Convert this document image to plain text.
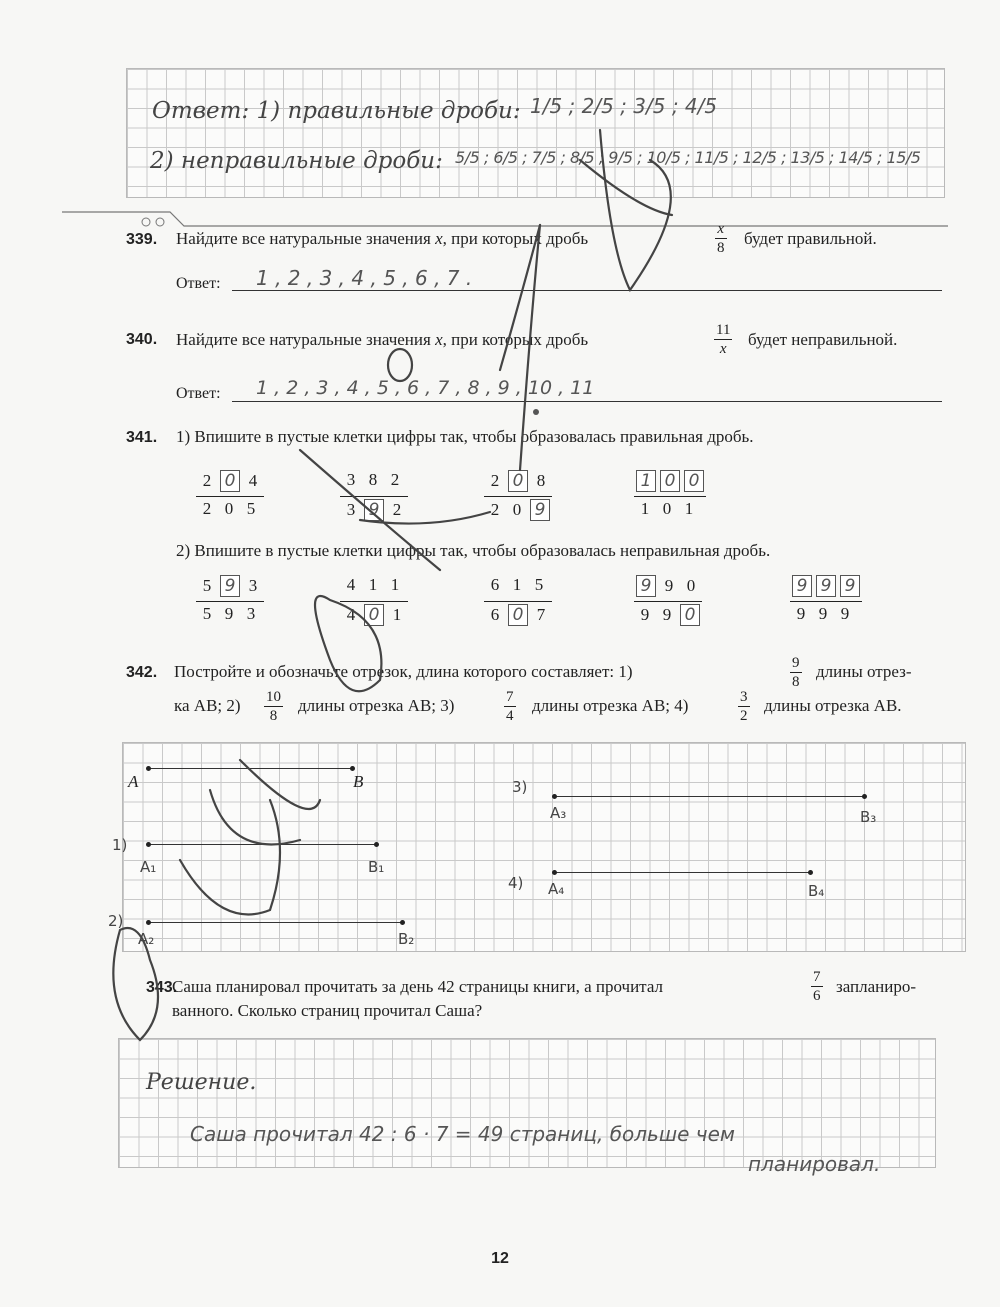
Ответ: 1) правильные дроби: 1/5 ; 2/5 ; 3/5 ; 4/5
2) неправильные дроби: 5/5 ; 6/5 ; 7/5 ; 8/5 ; 9/5 ; 10/5 ; 11/5 ; 12/5 ; 13/5 ; 14/5 ; 15/5
339. Найдите все натуральные значения x, при которых дробь	$\frac{x}{8}$ будет правильной.
Ответ: 1 , 2 , 3 , 4 , 5 , 6 , 7 .
340. Найдите все натуральные значения x, при которых дробь	$\frac{11}{x}$ будет неправильной.
Ответ: 1 , 2 , 3 , 4 , 5 , 6 , 7 , 8 , 9 , 10 , 11
341. 1) Впишите в пустые клетки цифры так, чтобы образовалась правильная дробь.
2 0 4
2 0 5
3 8 2
3 9 2
2 0 8
2 0 9
1 0 0
1 0 1
2) Впишите в пустые клетки цифры так, чтобы образовалась неправильная дробь.
5 9 3
5 9 3
4 1 1
4 0 1
6 1 5
6 0 7
9 9 0
9 9 0
9 9 9
9 9 9
342. Постройте и обозначьте отрезок, длина которого составляет: 1)	$\frac{9}{8}$ длины отрез-
ка AB; $2) \frac{10}{8}$ длины отрезка AB; 3)	$\frac{7}{4}$ длины отрезка AB; 4)	$\frac{3}{2}$ длины отрезка AB.
A	B
1)
A₁	B₁
2)
A₂	B₂
3)
A₃	B₃
4) A₄	B₄
343.
Саша планировал прочитать за день 42 страницы книги, а прочитал	$\frac{7}{6}$ запланиро-
ванного. Сколько страниц прочитал Саша?
Решение.
Саша прочитал 42 : 6 · 7 = 49 страниц, больше чем
планировал.
12
